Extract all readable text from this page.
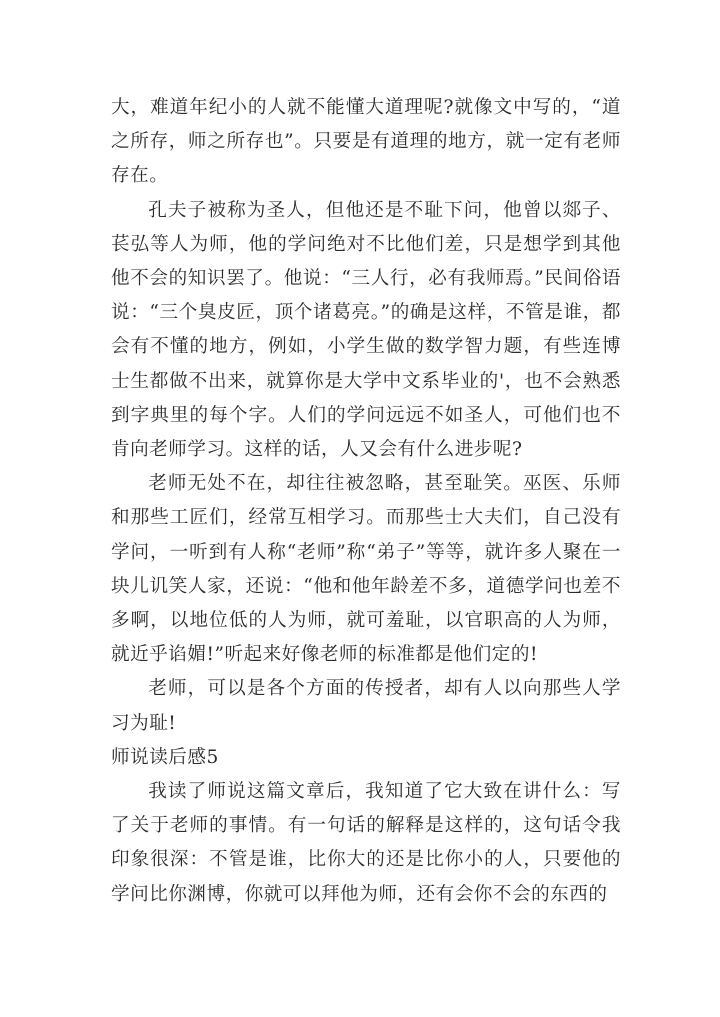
大，难道年纪小的人就不能懂大道理呢?就像文中写的，“道之所存，师之所存也”。只要是有道理的地方，就一定有老师存在。

孔夫子被称为圣人，但他还是不耻下问，他曾以郯子、苌弘等人为师，他的学问绝对不比他们差，只是想学到其他他不会的知识罢了。他说：“三人行，必有我师焉。”民间俗语说：“三个臭皮匠，顶个诸葛亮。”的确是这样，不管是谁，都会有不懂的地方，例如，小学生做的数学智力题，有些连博士生都做不出来，就算你是大学中文系毕业的'，也不会熟悉到字典里的每个字。人们的学问远远不如圣人，可他们也不肯向老师学习。这样的话，人又会有什么进步呢?

老师无处不在，却往往被忽略，甚至耻笑。巫医、乐师和那些工匠们，经常互相学习。而那些士大夫们，自己没有学问，一听到有人称“老师”称“弟子”等等，就许多人聚在一块儿讥笑人家，还说：“他和他年龄差不多，道德学问也差不多啊，以地位低的人为师，就可羞耻，以官职高的人为师，就近乎谄媚!”听起来好像老师的标准都是他们定的!

老师，可以是各个方面的传授者，却有人以向那些人学习为耻!

师说读后感5

我读了师说这篇文章后，我知道了它大致在讲什么：写了关于老师的事情。有一句话的解释是这样的，这句话令我印象很深：不管是谁，比你大的还是比你小的人，只要他的学问比你渊博，你就可以拜他为师，还有会你不会的东西的
